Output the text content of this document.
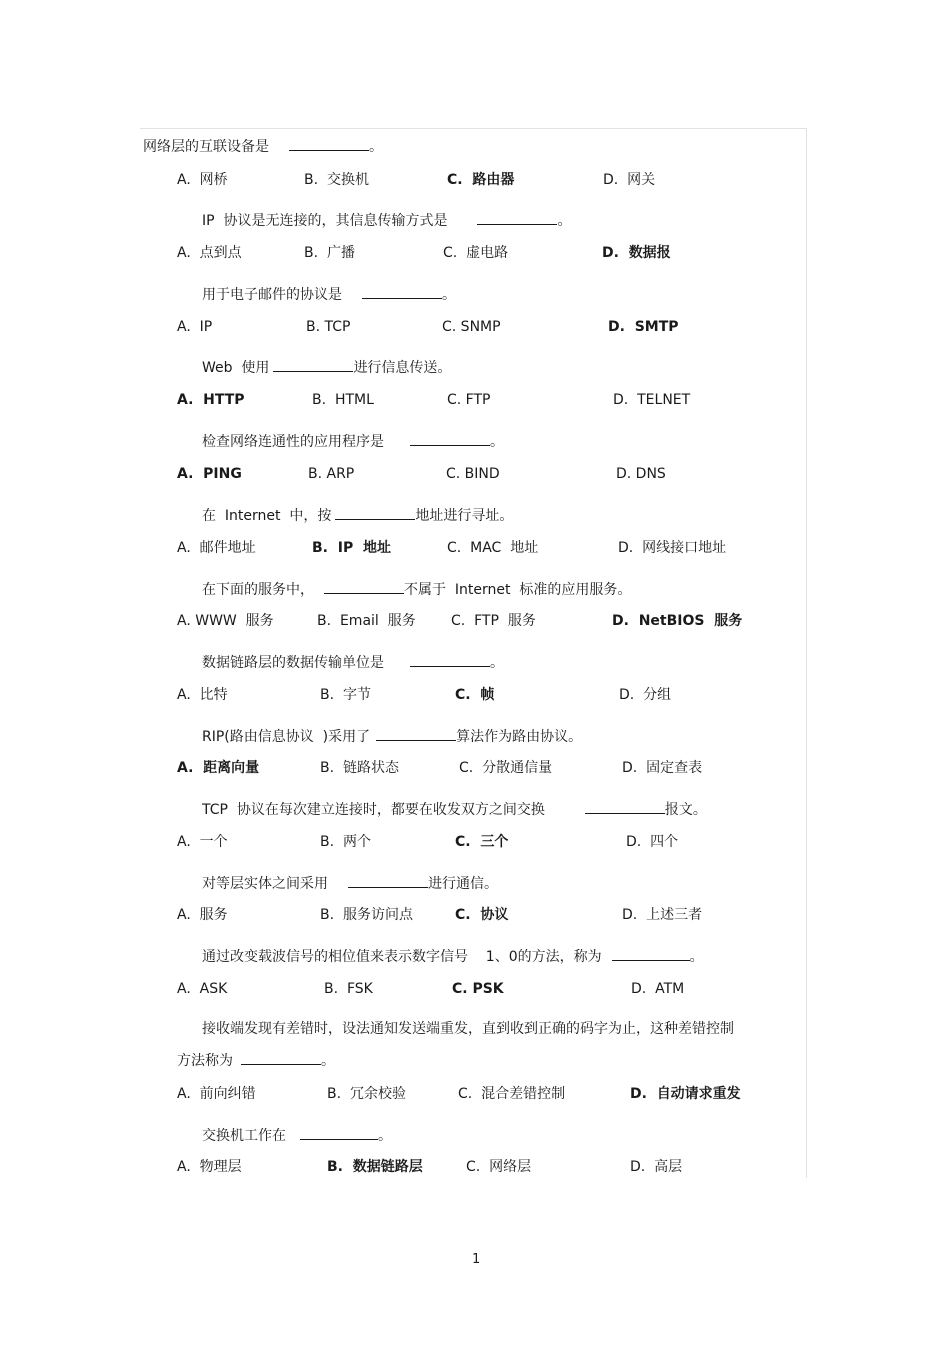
网络层的互联设备是	。
A.  网桥	B.  交换机	C.  路由器	D.  网关
IP  协议是无连接的，其信息传输方式是	。
A.  点到点	B.  广播	C.  虚电路	D.  数据报
用于电子邮件的协议是	。
A.  IP	B. TCP	C. SNMP	D.  SMTP
Web  使用	进行信息传送。
A.  HTTP	B.  HTML	C. FTP	D.  TELNET
检查网络连通性的应用程序是	。
A.  PING	B. ARP	C. BIND	D. DNS
在  Internet  中，按	地址进行寻址。
A.  邮件地址	B.  IP  地址	C.  MAC  地址	D.  网线接口地址
在下面的服务中，	不属于  Internet  标准的应用服务。
A. WWW  服务	B.  Email  服务	C.  FTP  服务	D.  NetBIOS  服务
数据链路层的数据传输单位是	。
A.  比特	B.  字节	C.  帧	D.  分组
RIP(路由信息协议  )采用了	算法作为路由协议。
A.  距离向量	B.  链路状态	C.  分散通信量	D.  固定查表
TCP  协议在每次建立连接时，都要在收发双方之间交换	报文。
A.  一个	B.  两个	C.  三个	D.  四个
对等层实体之间采用	进行通信。
A.  服务	B.  服务访问点	C.  协议	D.  上述三者
通过改变载波信号的相位值来表示数字信号    1、0的方法，称为	。
A.  ASK	B.  FSK	C. PSK	D.  ATM
接收端发现有差错时，设法通知发送端重发，直到收到正确的码字为止，这种差错控制
方法称为	。
A.  前向纠错	B.  冗余校验	C.  混合差错控制	D.  自动请求重发
交换机工作在	。
A.  物理层	B.  数据链路层	C.  网络层	D.  高层
1
